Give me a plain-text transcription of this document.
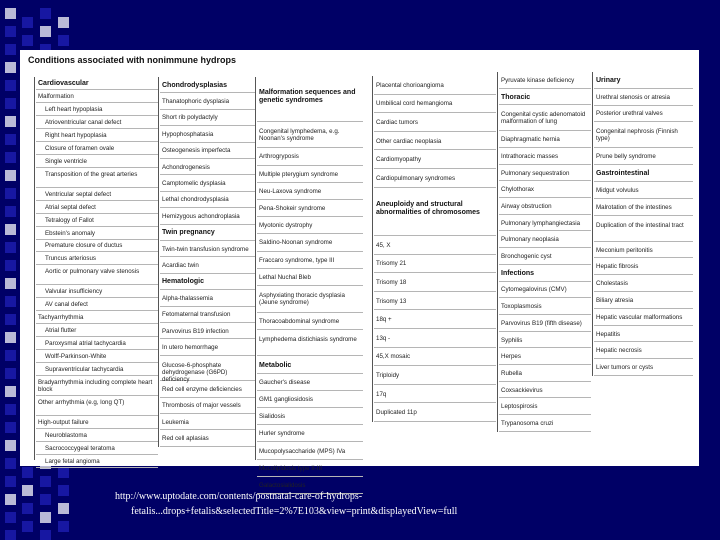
Conditions associated with nonimmune hydrops
Cardiovascular
Malformation
Left heart hypoplasia
Atrioventricular canal defect
Right heart hypoplasia
Closure of foramen ovale
Single ventricle
Transposition of the great arteries
Ventricular septal defect
Atrial septal defect
Tetralogy of Fallot
Ebstein's anomaly
Premature closure of ductus
Truncus arteriosus
Aortic or pulmonary valve stenosis
Valvular insufficiency
AV canal defect
Tachyarrhythmia
Atrial flutter
Paroxysmal atrial tachycardia
Wolff-Parkinson-White
Supraventricular tachycardia
Bradyarrhythmia including complete heart block
Other arrhythmia (e.g, long QT)
High-output failure
Neuroblastoma
Sacrococcygeal teratoma
Large fetal angioma
Chondrodysplasias
Thanatophoric dysplasia
Short rib polydactyly
Hypophosphatasia
Osteogenesis imperfecta
Achondrogenesis
Camptomelic dysplasia
Lethal chondrodysplasia
Hemizygous achondroplasia
Twin pregnancy
Twin-twin transfusion syndrome
Acardiac twin
Hematologic
Alpha-thalassemia
Fetomaternal transfusion
Parvovirus B19 infection
In utero hemorrhage
Glucose-6-phosphate dehydrogenase (G6PD) deficiency
Red cell enzyme deficiencies
Thrombosis of major vessels
Leukemia
Red cell aplasias
Malformation sequences and genetic syndromes
Congenital lymphedema, e.g. Noonan's syndrome
Arthrogryposis
Multiple pterygium syndrome
Neu-Laxova syndrome
Pena-Shokeir syndrome
Myotonic dystrophy
Saldino-Noonan syndrome
Fraccaro syndrome, type III
Lethal Nuchal Bleb
Asphyxiating thoracic dysplasia (Jeune syndrome)
Thoracoabdominal syndrome
Lymphedema distichiasis syndrome
Metabolic
Gaucher's disease
GM1 gangliosidosis
Sialidosis
Hurler syndrome
Mucopolysaccharide (MPS) IVa
Mucolipidosis type II-III
Galactosialidosis
Placental chorioangioma
Umbilical cord hemangioma
Cardiac tumors
Other cardiac neoplasia
Cardiomyopathy
Cardiopulmonary syndromes
Aneuploidy and structural abnormalities of chromosomes
45, X
Trisomy 21
Trisomy 18
Trisomy 13
18q +
13q -
45,X mosaic
Triploidy
17q
Duplicated 11p
Pyruvate kinase deficiency
Thoracic
Congenital cystic adenomatoid malformation of lung
Diaphragmatic hernia
Intrathoracic masses
Pulmonary sequestration
Chylothorax
Airway obstruction
Pulmonary lymphangiectasia
Pulmonary neoplasia
Bronchogenic cyst
Infections
Cytomegalovirus (CMV)
Toxoplasmosis
Parvovirus B19 (fifth disease)
Syphilis
Herpes
Rubella
Coxsackievirus
Leptospirosis
Trypanosoma cruzi
Urinary
Urethral stenosis or atresia
Posterior urethral valves
Congenital nephrosis (Finnish type)
Prune belly syndrome
Gastrointestinal
Midgut volvulus
Malrotation of the intestines
Duplication of the intestinal tract
Meconium peritonitis
Hepatic fibrosis
Cholestasis
Biliary atresia
Hepatic vascular malformations
Hepatitis
Hepatic necrosis
Liver tumors or cysts
http://www.uptodate.com/contents/postnatal-care-of-hydrops-
fetalis...drops+fetalis&selectedTitle=2%7E103&view=print&displayedView=full
